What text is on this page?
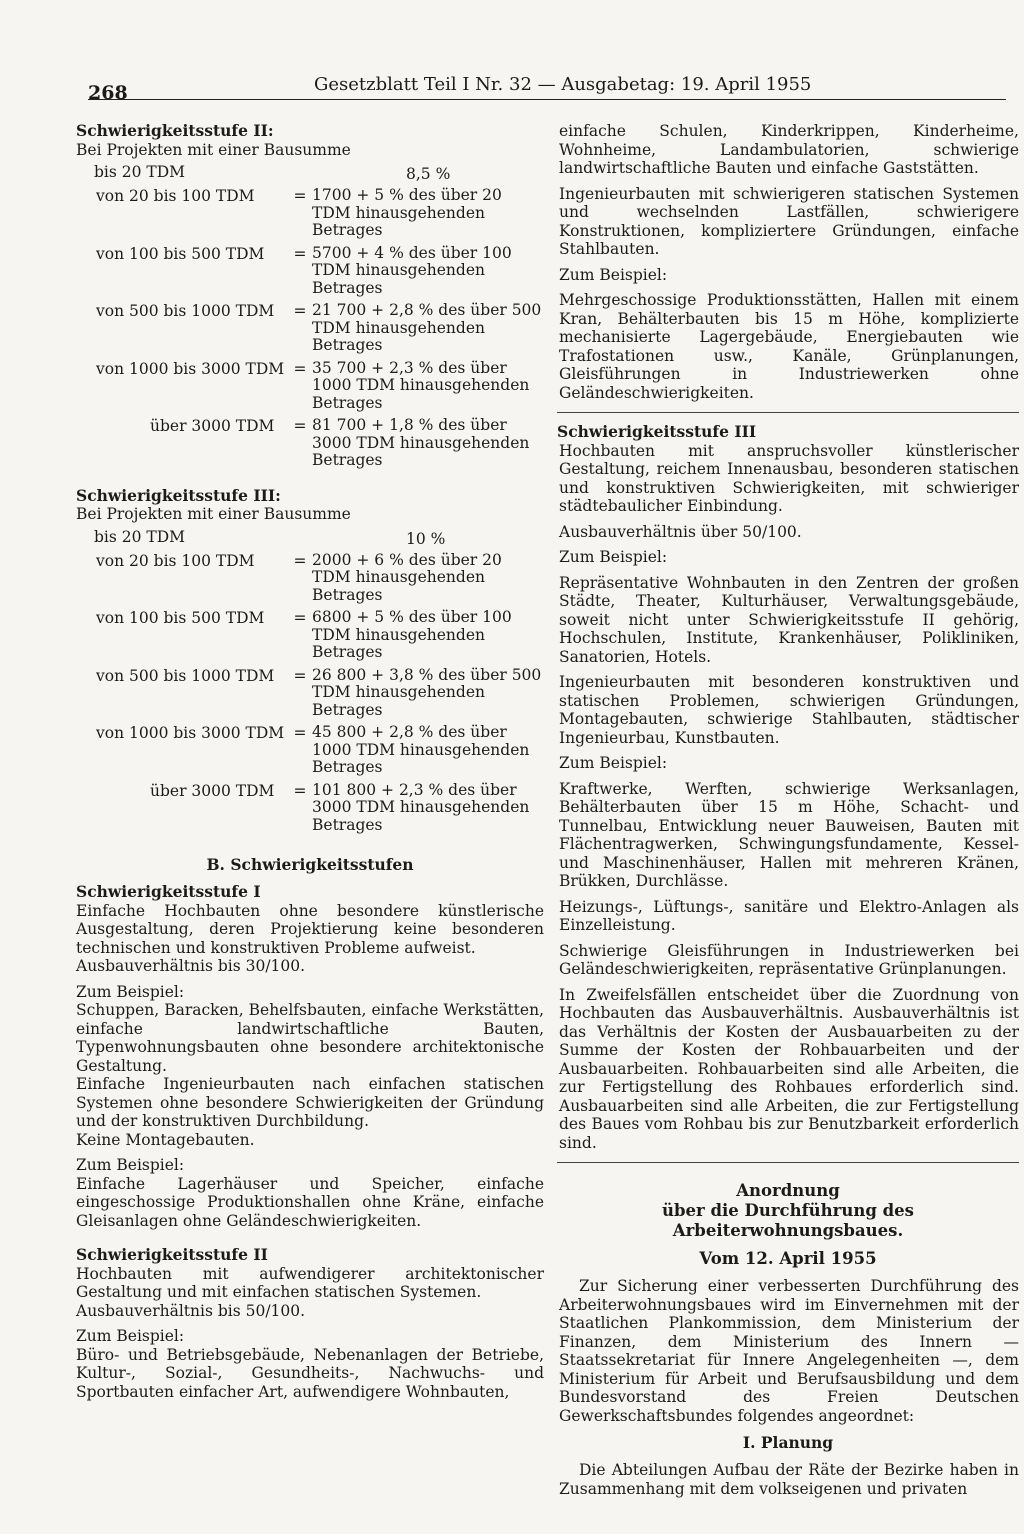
268	Gesetzblatt Teil I Nr. 32 — Ausgabetag: 19. April 1955
Schwierigkeitsstufe II:
Bei Projekten mit einer Bausumme
bis 20 TDM	8,5 %
von 20 bis 100 TDM	= 1700 + 5 % des über 20 TDM hinausgehenden Betrages
von 100 bis 500 TDM	= 5700 + 4 % des über 100 TDM hinausgehenden Betrages
von 500 bis 1000 TDM	= 21 700 + 2,8 % des über 500 TDM hinausgehenden Betrages
von 1000 bis 3000 TDM = 35 700 + 2,3 % des über 1000 TDM hinausgehenden Betrages
über 3000 TDM	= 81 700 + 1,8 % des über 3000 TDM hinausgehenden Betrages
Schwierigkeitsstufe III:
Bei Projekten mit einer Bausumme
bis 20 TDM	10 %
von 20 bis 100 TDM	= 2000 + 6 % des über 20 TDM hinausgehenden Betrages
von 100 bis 500 TDM	= 6800 + 5 % des über 100 TDM hinausgehenden Betrages
von 500 bis 1000 TDM	= 26 800 + 3,8 % des über 500 TDM hinausgehenden Betrages
von 1000 bis 3000 TDM = 45 800 + 2,8 % des über 1000 TDM hinausgehenden Betrages
über 3000 TDM	= 101 800 + 2,3 % des über 3000 TDM hinausgehenden Betrages
B. Schwierigkeitsstufen
Schwierigkeitsstufe I
Einfache Hochbauten ohne besondere künstlerische Ausgestaltung, deren Projektierung keine besonderen technischen und konstruktiven Probleme aufweist.
Ausbauverhältnis bis 30/100.
Zum Beispiel:
Schuppen, Baracken, Behelfsbauten, einfache Werkstätten, einfache landwirtschaftliche Bauten, Typenwohnungsbauten ohne besondere architektonische Gestaltung.
Einfache Ingenieurbauten nach einfachen statischen Systemen ohne besondere Schwierigkeiten der Gründung und der konstruktiven Durchbildung.
Keine Montagebauten.
Zum Beispiel:
Einfache Lagerhäuser und Speicher, einfache eingeschossige Produktionshallen ohne Kräne, einfache Gleisanlagen ohne Geländeschwierigkeiten.
Schwierigkeitsstufe II
Hochbauten mit aufwendigerer architektonischer Gestaltung und mit einfachen statischen Systemen.
Ausbauverhältnis bis 50/100.
Zum Beispiel:
Büro- und Betriebsgebäude, Nebenanlagen der Betriebe, Kultur-, Sozial-, Gesundheits-, Nachwuchs- und Sportbauten einfacher Art, aufwendigere Wohnbauten,
einfache Schulen, Kinderkrippen, Kinderheime, Wohnheime, Landambulatorien, schwierige landwirtschaftliche Bauten und einfache Gaststätten.
Ingenieurbauten mit schwierigeren statischen Systemen und wechselnden Lastfällen, schwierigere Konstruktionen, kompliziertere Gründungen, einfache Stahlbauten.
Zum Beispiel:
Mehrgeschossige Produktionsstätten, Hallen mit einem Kran, Behälterbauten bis 15 m Höhe, komplizierte mechanisierte Lagergebäude, Energiebauten wie Trafostationen usw., Kanäle, Grünplanungen, Gleisführungen in Industriewerken ohne Geländeschwierigkeiten.
Schwierigkeitsstufe III
Hochbauten mit anspruchsvoller künstlerischer Gestaltung, reichem Innenausbau, besonderen statischen und konstruktiven Schwierigkeiten, mit schwieriger städtebaulicher Einbindung.
Ausbauverhältnis über 50/100.
Zum Beispiel:
Repräsentative Wohnbauten in den Zentren der großen Städte, Theater, Kulturhäuser, Verwaltungsgebäude, soweit nicht unter Schwierigkeitsstufe II gehörig, Hochschulen, Institute, Krankenhäuser, Polikliniken, Sanatorien, Hotels.
Ingenieurbauten mit besonderen konstruktiven und statischen Problemen, schwierigen Gründungen, Montagebauten, schwierige Stahlbauten, städtischer Ingenieurbau, Kunstbauten.
Zum Beispiel:
Kraftwerke, Werften, schwierige Werksanlagen, Behälterbauten über 15 m Höhe, Schacht- und Tunnelbau, Entwicklung neuer Bauweisen, Bauten mit Flächentragwerken, Schwingungsfundamente, Kessel- und Maschinenhäuser, Hallen mit mehreren Kränen, Brükken, Durchlässe.
Heizungs-, Lüftungs-, sanitäre und Elektro-Anlagen als Einzelleistung.
Schwierige Gleisführungen in Industriewerken bei Geländeschwierigkeiten, repräsentative Grünplanungen.
In Zweifelsfällen entscheidet über die Zuordnung von Hochbauten das Ausbauverhältnis. Ausbauverhältnis ist das Verhältnis der Kosten der Ausbauarbeiten zu der Summe der Kosten der Rohbauarbeiten und der Ausbauarbeiten. Rohbauarbeiten sind alle Arbeiten, die zur Fertigstellung des Rohbaues erforderlich sind. Ausbauarbeiten sind alle Arbeiten, die zur Fertigstellung des Baues vom Rohbau bis zur Benutzbarkeit erforderlich sind.
Anordnung
über die Durchführung des Arbeiterwohnungsbaues.
Vom 12. April 1955
Zur Sicherung einer verbesserten Durchführung des Arbeiterwohnungsbaues wird im Einvernehmen mit der Staatlichen Plankommission, dem Ministerium der Finanzen, dem Ministerium des Innern — Staatssekretariat für Innere Angelegenheiten —, dem Ministerium für Arbeit und Berufsausbildung und dem Bundesvorstand des Freien Deutschen Gewerkschaftsbundes folgendes angeordnet:
I. Planung
Die Abteilungen Aufbau der Räte der Bezirke haben in Zusammenhang mit dem volkseigenen und privaten
